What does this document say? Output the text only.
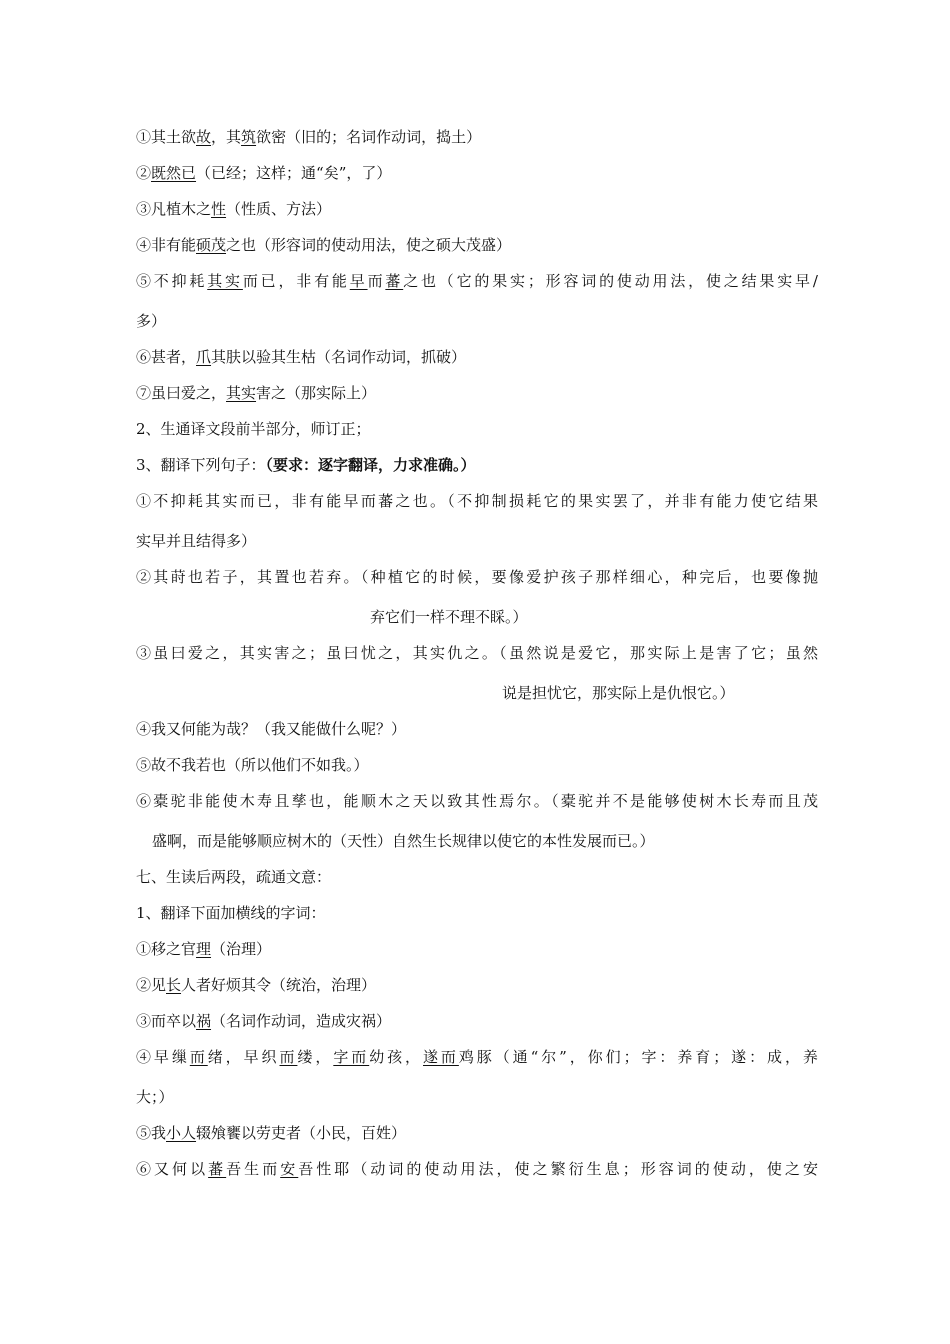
①其土欲故，其筑欲密（旧的；名词作动词，捣土）
②既然已（已经；这样；通“矣”，了）
③凡植木之性（性质、方法）
④非有能硕茂之也（形容词的使动用法，使之硕大茂盛）
⑤不抑耗其实而已，非有能早而蕃之也（它的果实；形容词的使动用法，使之结果实早/
多）
⑥甚者，爪其肤以验其生枯（名词作动词，抓破）
⑦虽曰爱之，其实害之（那实际上）
2、生通译文段前半部分，师订正；
3、翻译下列句子：（要求：逐字翻译，力求准确。）
①不抑耗其实而已，非有能早而蕃之也。（不抑制损耗它的果实罢了，并非有能力使它结果
实早并且结得多）
②其莳也若子，其置也若弃。（种植它的时候，要像爱护孩子那样细心，种完后，也要像抛
弃它们一样不理不睬。）
③虽曰爱之，其实害之；虽曰忧之，其实仇之。（虽然说是爱它，那实际上是害了它；虽然
说是担忧它，那实际上是仇恨它。）
④我又何能为哉？（我又能做什么呢？）
⑤故不我若也（所以他们不如我。）
⑥橐驼非能使木寿且孳也，能顺木之天以致其性焉尔。（橐驼并不是能够使树木长寿而且茂
盛啊，而是能够顺应树木的（天性）自然生长规律以使它的本性发展而已。）
七、生读后两段，疏通文意：
1、翻译下面加横线的字词：
①移之官理（治理）
②见长人者好烦其令（统治，治理）
③而卒以祸（名词作动词，造成灾祸）
④早缫而绪，早织而缕，字而幼孩，遂而鸡豚（通“尔”，你们；字：养育；遂：成，养
大；）
⑤我小人辍飧饔以劳吏者（小民，百姓）
⑥又何以蕃吾生而安吾性耶（动词的使动用法，使之繁衍生息；形容词的使动，使之安
